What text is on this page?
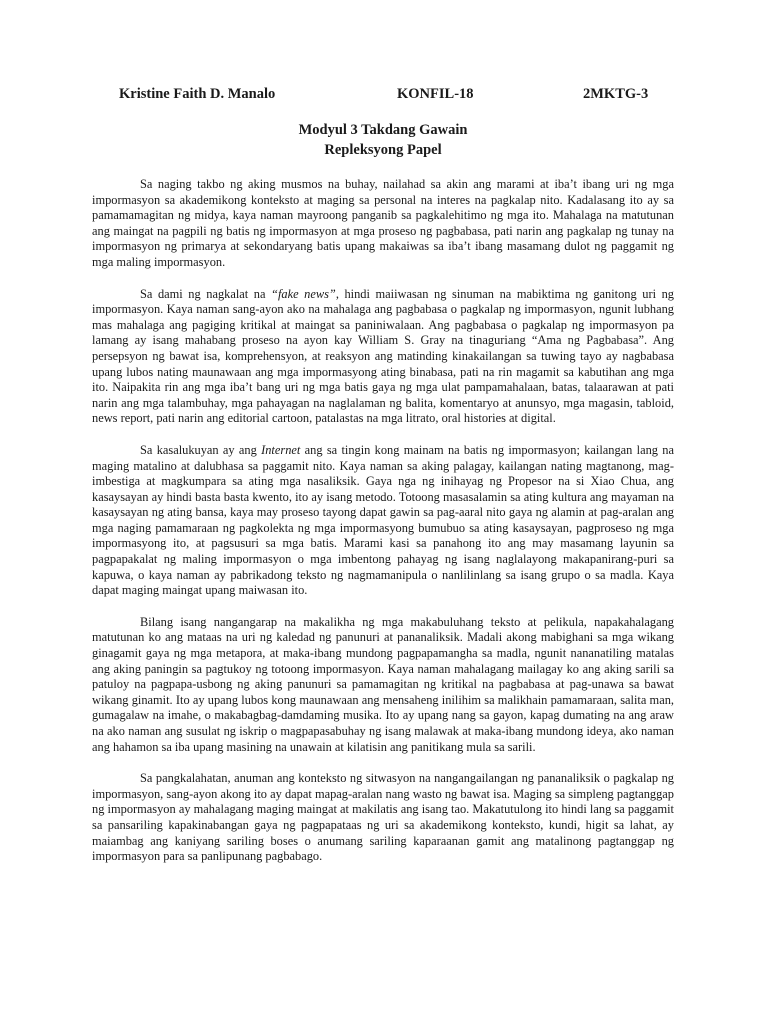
Kristine Faith D. Manalo	KONFIL-18	2MKTG-3
Modyul 3 Takdang Gawain
Repleksyong Papel

Sa naging takbo ng aking musmos na buhay, nailahad sa akin ang marami at iba’t ibang uri ng mga impormasyon sa akademikong konteksto at maging sa personal na interes na pagkalap nito. Kadalasang ito ay sa pamamamagitan ng midya, kaya naman mayroong panganib sa pagkalehitimo ng mga ito. Mahalaga na matutunan ang maingat na pagpili ng batis ng impormasyon at mga proseso ng pagbabasa, pati narin ang pagkalap ng tunay na impormasyon ng primarya at sekondaryang batis upang makaiwas sa iba’t ibang masamang dulot ng paggamit ng mga maling impormasyon.

Sa dami ng nagkalat na “fake news”, hindi maiiwasan ng sinuman na mabiktima ng ganitong uri ng impormasyon. Kaya naman sang-ayon ako na mahalaga ang pagbabasa o pagkalap ng impormasyon, ngunit lubhang mas mahalaga ang pagiging kritikal at maingat sa paniniwalaan. Ang pagbabasa o pagkalap ng impormasyon pa lamang ay isang mahabang proseso na ayon kay William S. Gray na tinaguriang “Ama ng Pagbabasa”. Ang persepsyon ng bawat isa, komprehensyon, at reaksyon ang matinding kinakailangan sa tuwing tayo ay nagbabasa upang lubos nating maunawaan ang mga impormasyong ating binabasa, pati na rin magamit sa kabutihan ang mga ito. Naipakita rin ang mga iba’t bang uri ng mga batis gaya ng mga ulat pampamahalaan, batas, talaarawan at pati narin ang mga talambuhay, mga pahayagan na naglalaman ng balita, komentaryo at anunsyo, mga magasin, tabloid, news report, pati narin ang editorial cartoon, patalastas na mga litrato, oral histories at digital.

Sa kasalukuyan ay ang Internet ang sa tingin kong mainam na batis ng impormasyon; kailangan lang na maging matalino at dalubhasa sa paggamit nito. Kaya naman sa aking palagay, kailangan nating magtanong, mag-imbestiga at magkumpara sa ating mga nasaliksik. Gaya nga ng inihayag ng Propesor na si Xiao Chua, ang kasaysayan ay hindi basta basta kwento, ito ay isang metodo. Totoong masasalamin sa ating kultura ang mayaman na kasaysayan ng ating bansa, kaya may proseso tayong dapat gawin sa pag-aaral nito gaya ng alamin at pag-aralan ang mga naging pamamaraan ng pagkolekta ng mga impormasyong bumubuo sa ating kasaysayan, pagproseso ng mga impormasyong ito, at pagsusuri sa mga batis. Marami kasi sa panahong ito ang may masamang layunin sa pagpapakalat ng maling impormasyon o mga imbentong pahayag ng isang naglalayong makapanirang-puri sa kapuwa, o kaya naman ay pabrikadong teksto ng nagmamanipula o nanlilinlang sa isang grupo o sa madla. Kaya dapat maging maingat upang maiwasan ito.

Bilang isang nangangarap na makalikha ng mga makabuluhang teksto at pelikula, napakahalagang matutunan ko ang mataas na uri ng kaledad ng panunuri at pananaliksik. Madali akong mabighani sa mga wikang ginagamit gaya ng mga metapora, at maka-ibang mundong pagpapamangha sa madla, ngunit nananatiling matalas ang aking paningin sa pagtukoy ng totoong impormasyon. Kaya naman mahalagang mailagay ko ang aking sarili sa patuloy na pagpapa-usbong ng aking panunuri sa pamamagitan ng kritikal na pagbabasa at pag-unawa sa bawat wikang ginamit. Ito ay upang lubos kong maunawaan ang mensaheng inilihim sa malikhain pamamaraan, salita man, gumagalaw na imahe, o makabagbag-damdaming musika. Ito ay upang nang sa gayon, kapag dumating na ang araw na ako naman ang susulat ng iskrip o magpapasabuhay ng isang malawak at maka-ibang mundong ideya, ako naman ang hahamon sa iba upang masining na unawain at kilatisin ang panitikang mula sa sarili.

Sa pangkalahatan, anuman ang konteksto ng sitwasyon na nangangailangan ng pananaliksik o pagkalap ng impormasyon, sang-ayon akong ito ay dapat mapag-aralan nang wasto ng bawat isa. Maging sa simpleng pagtanggap ng impormasyon ay mahalagang maging maingat at makilatis ang isang tao. Makatutulong ito hindi lang sa paggamit sa pansariling kapakinabangan gaya ng pagpapataas ng uri sa akademikong konteksto, kundi, higit sa lahat, ay maiambag ang kaniyang sariling boses o anumang sariling kaparaanan gamit ang matalinong pagtanggap ng impormasyon para sa panlipunang pagbabago.
